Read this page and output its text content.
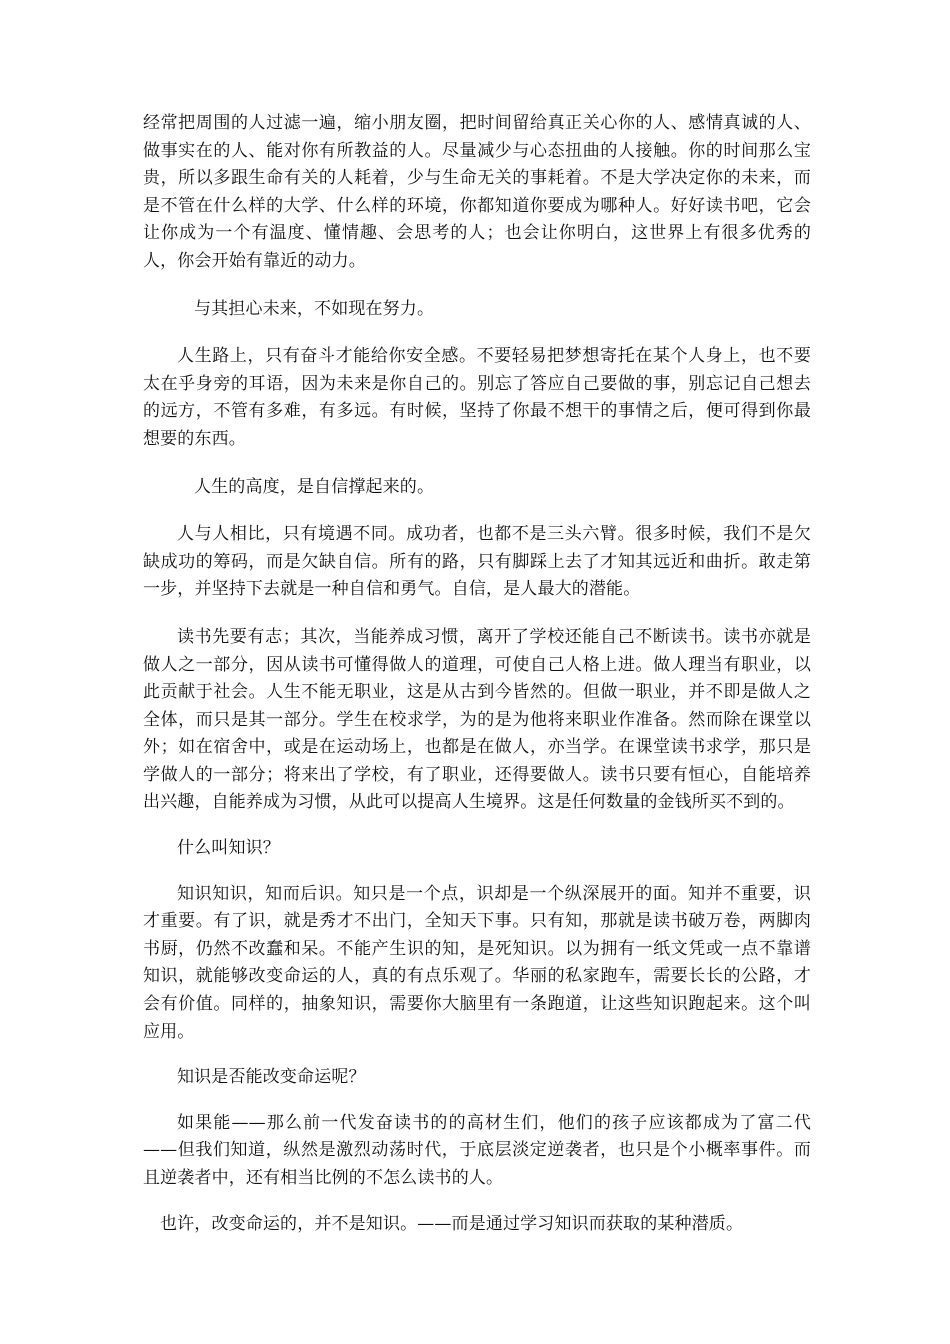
经常把周围的人过滤一遍，缩小朋友圈，把时间留给真正关心你的人、感情真诚的人、做事实在的人、能对你有所教益的人。尽量减少与心态扭曲的人接触。你的时间那么宝贵，所以多跟生命有关的人耗着，少与生命无关的事耗着。不是大学决定你的未来，而是不管在什么样的大学、什么样的环境，你都知道你要成为哪种人。好好读书吧，它会让你成为一个有温度、懂情趣、会思考的人；也会让你明白，这世界上有很多优秀的人，你会开始有靠近的动力。

与其担心未来，不如现在努力。

人生路上，只有奋斗才能给你安全感。不要轻易把梦想寄托在某个人身上，也不要太在乎身旁的耳语，因为未来是你自己的。别忘了答应自己要做的事，别忘记自己想去的远方，不管有多难，有多远。有时候，坚持了你最不想干的事情之后，便可得到你最想要的东西。

人生的高度，是自信撑起来的。

人与人相比，只有境遇不同。成功者，也都不是三头六臂。很多时候，我们不是欠缺成功的筹码，而是欠缺自信。所有的路，只有脚踩上去了才知其远近和曲折。敢走第一步，并坚持下去就是一种自信和勇气。自信，是人最大的潜能。

读书先要有志；其次，当能养成习惯，离开了学校还能自己不断读书。读书亦就是做人之一部分，因从读书可懂得做人的道理，可使自己人格上进。做人理当有职业，以此贡献于社会。人生不能无职业，这是从古到今皆然的。但做一职业，并不即是做人之全体，而只是其一部分。学生在校求学，为的是为他将来职业作准备。然而除在课堂以外；如在宿舍中，或是在运动场上，也都是在做人，亦当学。在课堂读书求学，那只是学做人的一部分；将来出了学校，有了职业，还得要做人。读书只要有恒心，自能培养出兴趣，自能养成为习惯，从此可以提高人生境界。这是任何数量的金钱所买不到的。

什么叫知识？

知识知识，知而后识。知只是一个点，识却是一个纵深展开的面。知并不重要，识才重要。有了识，就是秀才不出门，全知天下事。只有知，那就是读书破万卷，两脚肉书厨，仍然不改蠢和呆。不能产生识的知，是死知识。以为拥有一纸文凭或一点不靠谱知识，就能够改变命运的人，真的有点乐观了。华丽的私家跑车，需要长长的公路，才会有价值。同样的，抽象知识，需要你大脑里有一条跑道，让这些知识跑起来。这个叫应用。

知识是否能改变命运呢？

如果能——那么前一代发奋读书的的高材生们，他们的孩子应该都成为了富二代——但我们知道，纵然是激烈动荡时代，于底层淡定逆袭者，也只是个小概率事件。而且逆袭者中，还有相当比例的不怎么读书的人。

也许，改变命运的，并不是知识。——而是通过学习知识而获取的某种潜质。
